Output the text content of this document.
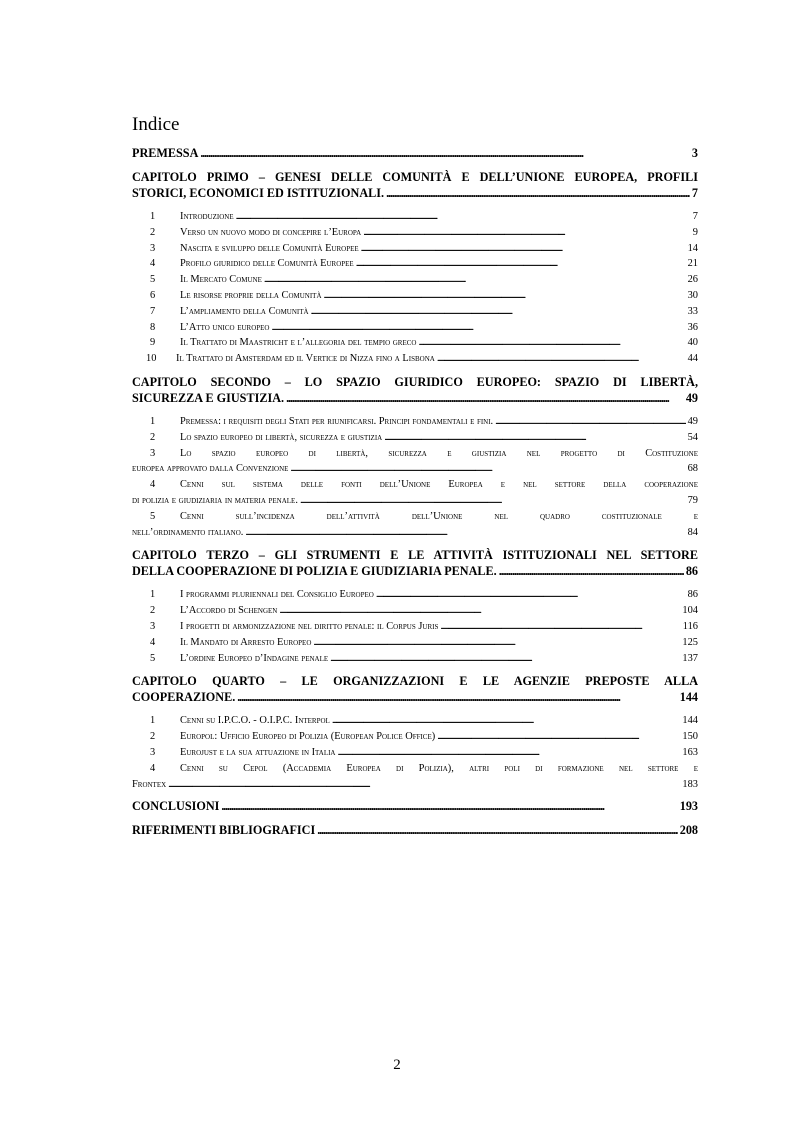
Indice
PREMESSA . . .	3
CAPITOLO PRIMO – GENESI DELLE COMUNITÀ E DELL’UNIONE EUROPEA, PROFILI
STORICI, ECONOMICI ED ISTITUZIONALI. . . .	7
1	Introduzione . . .	7
2	Verso un nuovo modo di concepire l’Europa . . .	9
3	Nascita e sviluppo delle Comunità Europee . . .	14
4	Profilo giuridico delle Comunità Europee . . .	21
5	Il Mercato Comune . . .	26
6	Le risorse proprie della Comunità . . .	30
7	L’ampliamento della Comunità . . .	33
8	L’Atto unico europeo . . .	36
9	Il Trattato di Maastricht e l’allegoria del tempio greco . . .	40
10	Il Trattato di Amsterdam ed il Vertice di Nizza fino a Lisbona . . .	44
CAPITOLO SECONDO – LO SPAZIO GIURIDICO EUROPEO: SPAZIO DI LIBERTÀ,
SICUREZZA E GIUSTIZIA. . . .	49
1	Premessa: i requisiti degli Stati per riunificarsi. Principi fondamentali e fini. . . .	49
2	Lo spazio europeo di libertà, sicurezza e giustizia . . .	54
3 Lo spazio europeo di libertà, sicurezza e giustizia nel progetto di Costituzione
europea approvato dalla Convenzione . . .	68
4 Cenni sul sistema delle fonti dell’Unione Europea e nel settore della cooperazione
di polizia e giudiziaria in materia penale. . . .	79
5 Cenni sull’incidenza dell’attività dell’Unione nel quadro costituzionale e
nell’ordinamento italiano. . . .	84
CAPITOLO TERZO – GLI STRUMENTI E LE ATTIVITÀ ISTITUZIONALI NEL SETTORE
DELLA COOPERAZIONE DI POLIZIA E GIUDIZIARIA PENALE. . . .	86
1	I programmi pluriennali del Consiglio Europeo . . .	86
2	L’Accordo di Schengen . . .	104
3	I progetti di armonizzazione nel diritto penale: il Corpus Juris . . .	116
4	Il Mandato di Arresto Europeo . . .	125
5	L’ordine Europeo d’Indagine penale . . .	137
CAPITOLO QUARTO – LE ORGANIZZAZIONI E LE AGENZIE PREPOSTE ALLA
COOPERAZIONE. . . .	144
1	Cenni su I.P.C.O. - O.I.P.C. Interpol . . .	144
2	Europol: Ufficio Europeo di Polizia (European Police Office) . . .	150
3	Eurojust e la sua attuazione in Italia . . .	163
4 Cenni su Cepol (Accademia Europea di Polizia), altri poli di formazione nel settore e
Frontex . . .	183
CONCLUSIONI . . .	193
RIFERIMENTI BIBLIOGRAFICI . . .	208
2
